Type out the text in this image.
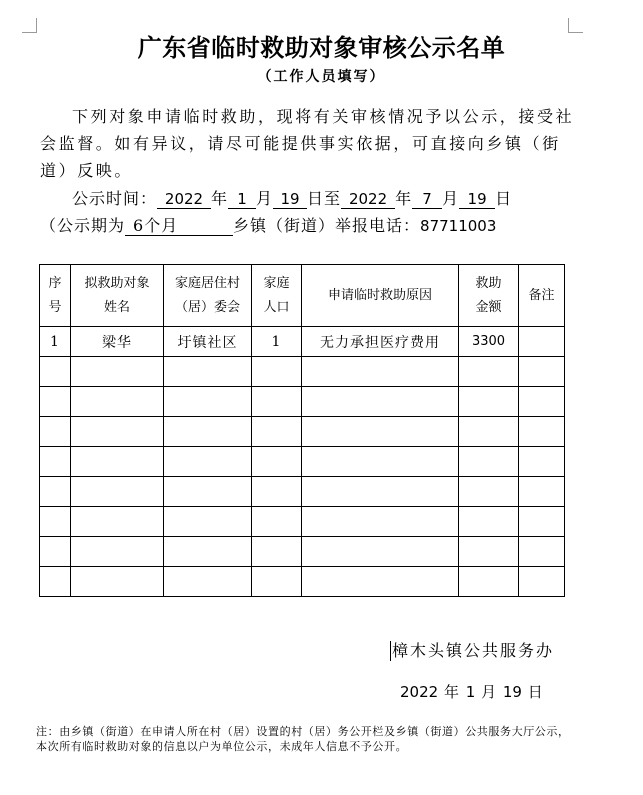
广东省临时救助对象审核公示名单
（工作人员填写）
下列对象申请临时救助，现将有关审核情况予以公示，接受社会监督。如有异议，请尽可能提供事实依据，可直接向乡镇（街道）反映。
公示时间： 2022 年 1 月 19 日至 2022 年 7 月 19 日
（公示期为 6个月	乡镇（街道）举报电话：87711003
序号	拟救助对象姓名	家庭居住村（居）委会	家庭人口	申请临时救助原因	救助金额	备注
1	梁华	圩镇社区	1	无力承担医疗费用	3300	

樟木头镇公共服务办
2022 年 1 月 19 日
注：由乡镇（街道）在申请人所在村（居）设置的村（居）务公开栏及乡镇（街道）公共服务大厅公示，本次所有临时救助对象的信息以户为单位公示，未成年人信息不予公开。
